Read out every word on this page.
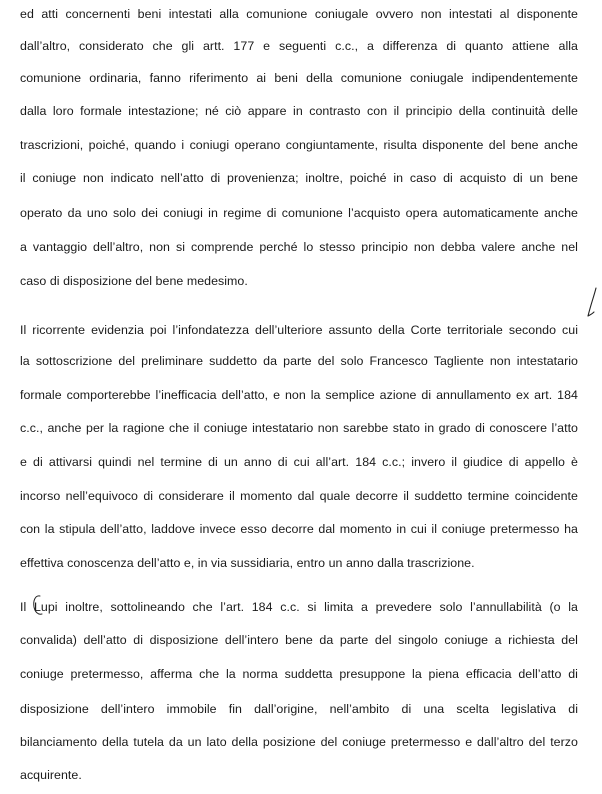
ed atti concernenti beni intestati alla comunione coniugale ovvero non intestati al disponente
dall’altro, considerato che gli artt. 177 e seguenti c.c., a differenza di quanto attiene alla
comunione ordinaria, fanno riferimento ai beni della comunione coniugale indipendentemente
dalla loro formale intestazione; né ciò appare in contrasto con il principio della continuità delle
trascrizioni, poiché, quando i coniugi operano congiuntamente, risulta disponente del bene anche
il coniuge non indicato nell’atto di provenienza; inoltre, poiché in caso di acquisto di un bene
operato da uno solo dei coniugi in regime di comunione l’acquisto opera automaticamente anche
a vantaggio dell’altro, non si comprende perché lo stesso principio non debba valere anche nel
caso di disposizione del bene medesimo.
Il ricorrente evidenzia poi l’infondatezza dell’ulteriore assunto della Corte territoriale secondo cui
la sottoscrizione del preliminare suddetto da parte del solo Francesco Tagliente non intestatario
formale comporterebbe l’inefficacia dell’atto, e non la semplice azione di annullamento ex art. 184
c.c., anche per la ragione che il coniuge intestatario non sarebbe stato in grado di conoscere l’atto
e di attivarsi quindi nel termine di un anno di cui all’art. 184 c.c.; invero il giudice di appello è
incorso nell’equivoco di considerare il momento dal quale decorre il suddetto termine coincidente
con la stipula dell’atto, laddove invece esso decorre dal momento in cui il coniuge pretermesso ha
effettiva conoscenza dell’atto e, in via sussidiaria, entro un anno dalla trascrizione.
Il Lupi inoltre, sottolineando che l’art. 184 c.c. si limita a prevedere solo l’annullabilità (o la
convalida) dell’atto di disposizione dell’intero bene da parte del singolo coniuge a richiesta del
coniuge pretermesso, afferma che la norma suddetta presuppone la piena efficacia dell’atto di
disposizione dell’intero immobile fin dall’origine, nell’ambito di una scelta legislativa di
bilanciamento della tutela da un lato della posizione del coniuge pretermesso e dall’altro del terzo
acquirente.
